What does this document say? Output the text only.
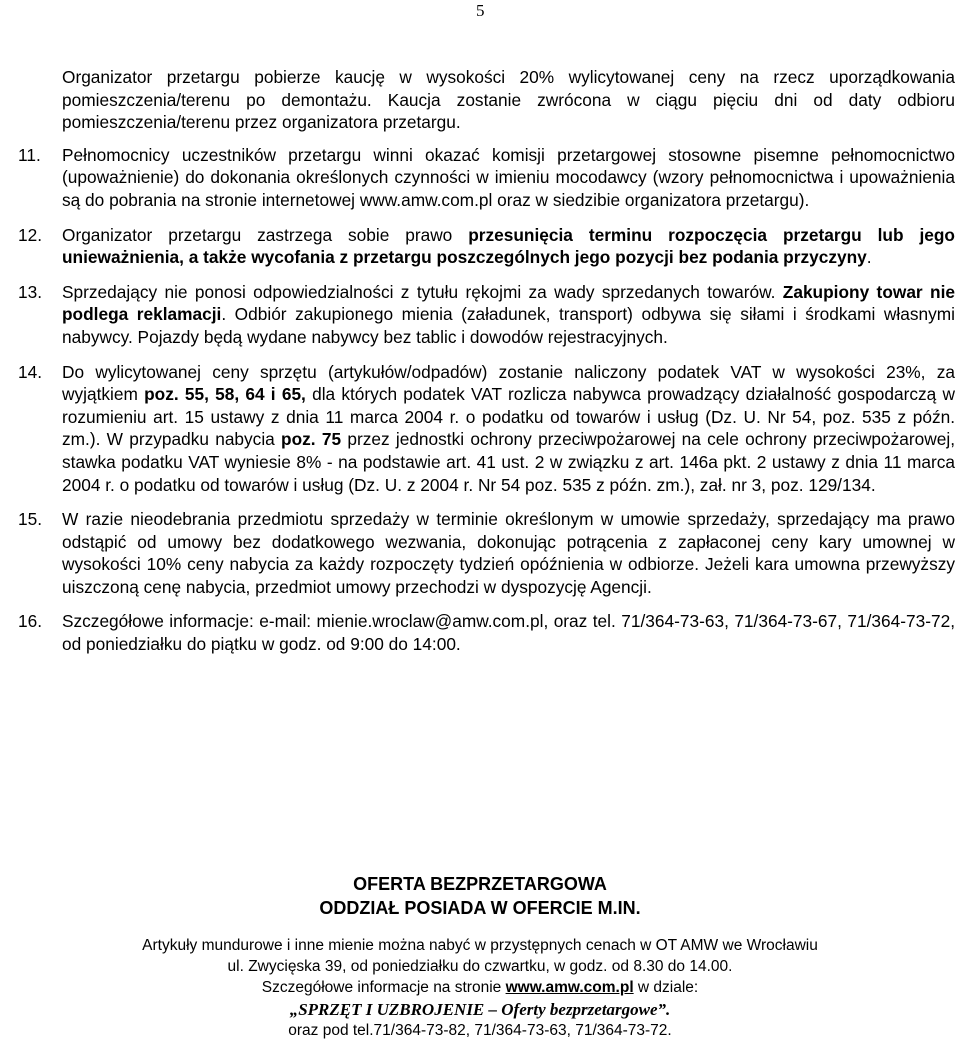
5

Organizator przetargu pobierze kaucję w wysokości 20% wylicytowanej ceny na rzecz uporządkowania pomieszczenia/terenu po demontażu. Kaucja zostanie zwrócona w ciągu pięciu dni od daty odbioru pomieszczenia/terenu przez organizatora przetargu.

11. Pełnomocnicy uczestników przetargu winni okazać komisji przetargowej stosowne pisemne pełnomocnictwo (upoważnienie) do dokonania określonych czynności w imieniu mocodawcy (wzory pełnomocnictwa i upoważnienia są do pobrania na stronie internetowej www.amw.com.pl oraz w siedzibie organizatora przetargu).
12. Organizator przetargu zastrzega sobie prawo przesunięcia terminu rozpoczęcia przetargu lub jego unieważnienia, a także wycofania z przetargu poszczególnych jego pozycji bez podania przyczyny.
13. Sprzedający nie ponosi odpowiedzialności z tytułu rękojmi za wady sprzedanych towarów. Zakupiony towar nie podlega reklamacji. Odbiór zakupionego mienia (załadunek, transport) odbywa się siłami i środkami własnymi nabywcy. Pojazdy będą wydane nabywcy bez tablic i dowodów rejestracyjnych.
14. Do wylicytowanej ceny sprzętu (artykułów/odpadów) zostanie naliczony podatek VAT w wysokości 23%, za wyjątkiem poz. 55, 58, 64 i 65, dla których podatek VAT rozlicza nabywca prowadzący działalność gospodarczą w rozumieniu art. 15 ustawy z dnia 11 marca 2004 r. o podatku od towarów i usług (Dz. U. Nr 54, poz. 535 z późn. zm.). W przypadku nabycia poz. 75 przez jednostki ochrony przeciwpożarowej na cele ochrony przeciwpożarowej, stawka podatku VAT wyniesie 8% - na podstawie art. 41 ust. 2 w związku z art. 146a pkt. 2 ustawy z dnia 11 marca 2004 r. o podatku od towarów i usług (Dz. U. z 2004 r. Nr 54 poz. 535 z późn. zm.), zał. nr 3, poz. 129/134.
15. W razie nieodebrania przedmiotu sprzedaży w terminie określonym w umowie sprzedaży, sprzedający ma prawo odstąpić od umowy bez dodatkowego wezwania, dokonując potrącenia z zapłaconej ceny kary umownej w wysokości 10% ceny nabycia za każdy rozpoczęty tydzień opóźnienia w odbiorze. Jeżeli kara umowna przewyższy uiszczoną cenę nabycia, przedmiot umowy przechodzi w dyspozycję Agencji.
16. Szczegółowe informacje: e-mail: mienie.wroclaw@amw.com.pl, oraz tel. 71/364-73-63, 71/364-73-67, 71/364-73-72, od poniedziałku do piątku w godz. od 9:00 do 14:00.

OFERTA BEZPRZETARGOWA

ODDZIAŁ POSIADA W OFERCIE M.IN.

Artykuły mundurowe i inne mienie można nabyć w przystępnych cenach w OT AMW we Wrocławiu

ul. Zwycięska 39, od poniedziałku do czwartku, w godz. od 8.30 do 14.00.

Szczegółowe informacje na stronie www.amw.com.pl w dziale:

„SPRZĘT I UZBROJENIE – Oferty bezprzetargowe”.

oraz pod tel.71/364-73-82, 71/364-73-63, 71/364-73-72.
